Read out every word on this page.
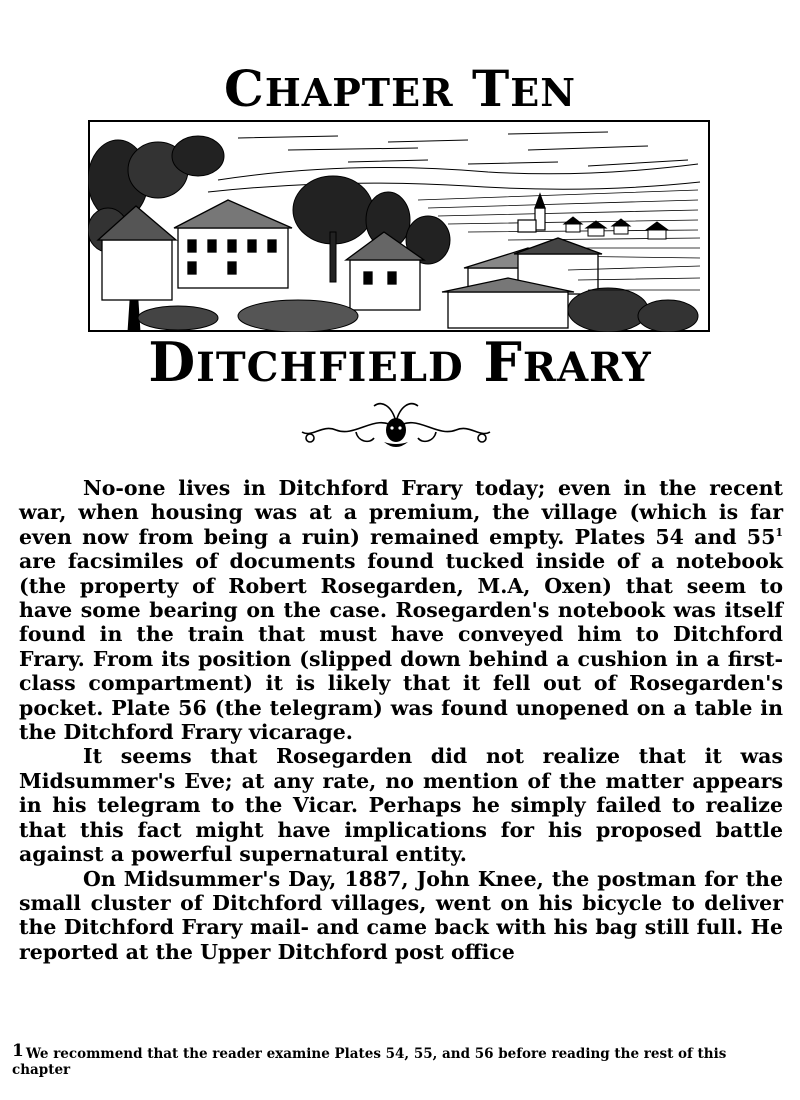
CHAPTER TEN
DITCHFIELD FRARY

No-one lives in Ditchford Frary today; even in the recent war, when housing was at a premium, the village (which is far even now from being a ruin) remained empty. Plates 54 and $55^1$ are facsimiles of documents found tucked inside of a notebook (the property of Robert Rosegarden, M.A, Oxen) that seem to have some bearing on the case. Rosegarden's notebook was itself found in the train that must have conveyed him to Ditchford Frary. From its position (slipped down behind a cushion in a first-class compartment) it is likely that it fell out of Rosegarden's pocket. Plate 56 (the telegram) was found unopened on a table in the Ditchford Frary vicarage.

It seems that Rosegarden did not realize that it was Midsummer's Eve; at any rate, no mention of the matter appears in his telegram to the Vicar. Perhaps he simply failed to realize that this fact might have implications for his proposed battle against a powerful supernatural entity.

On Midsummer's Day, 1887, John Knee, the postman for the small cluster of Ditchford villages, went on his bicycle to deliver the Ditchford Frary mail- and came back with his bag still full. He reported at the Upper Ditchford post office

1 We recommend that the reader examine Plates 54, 55, and 56 before reading the rest of this chapter
